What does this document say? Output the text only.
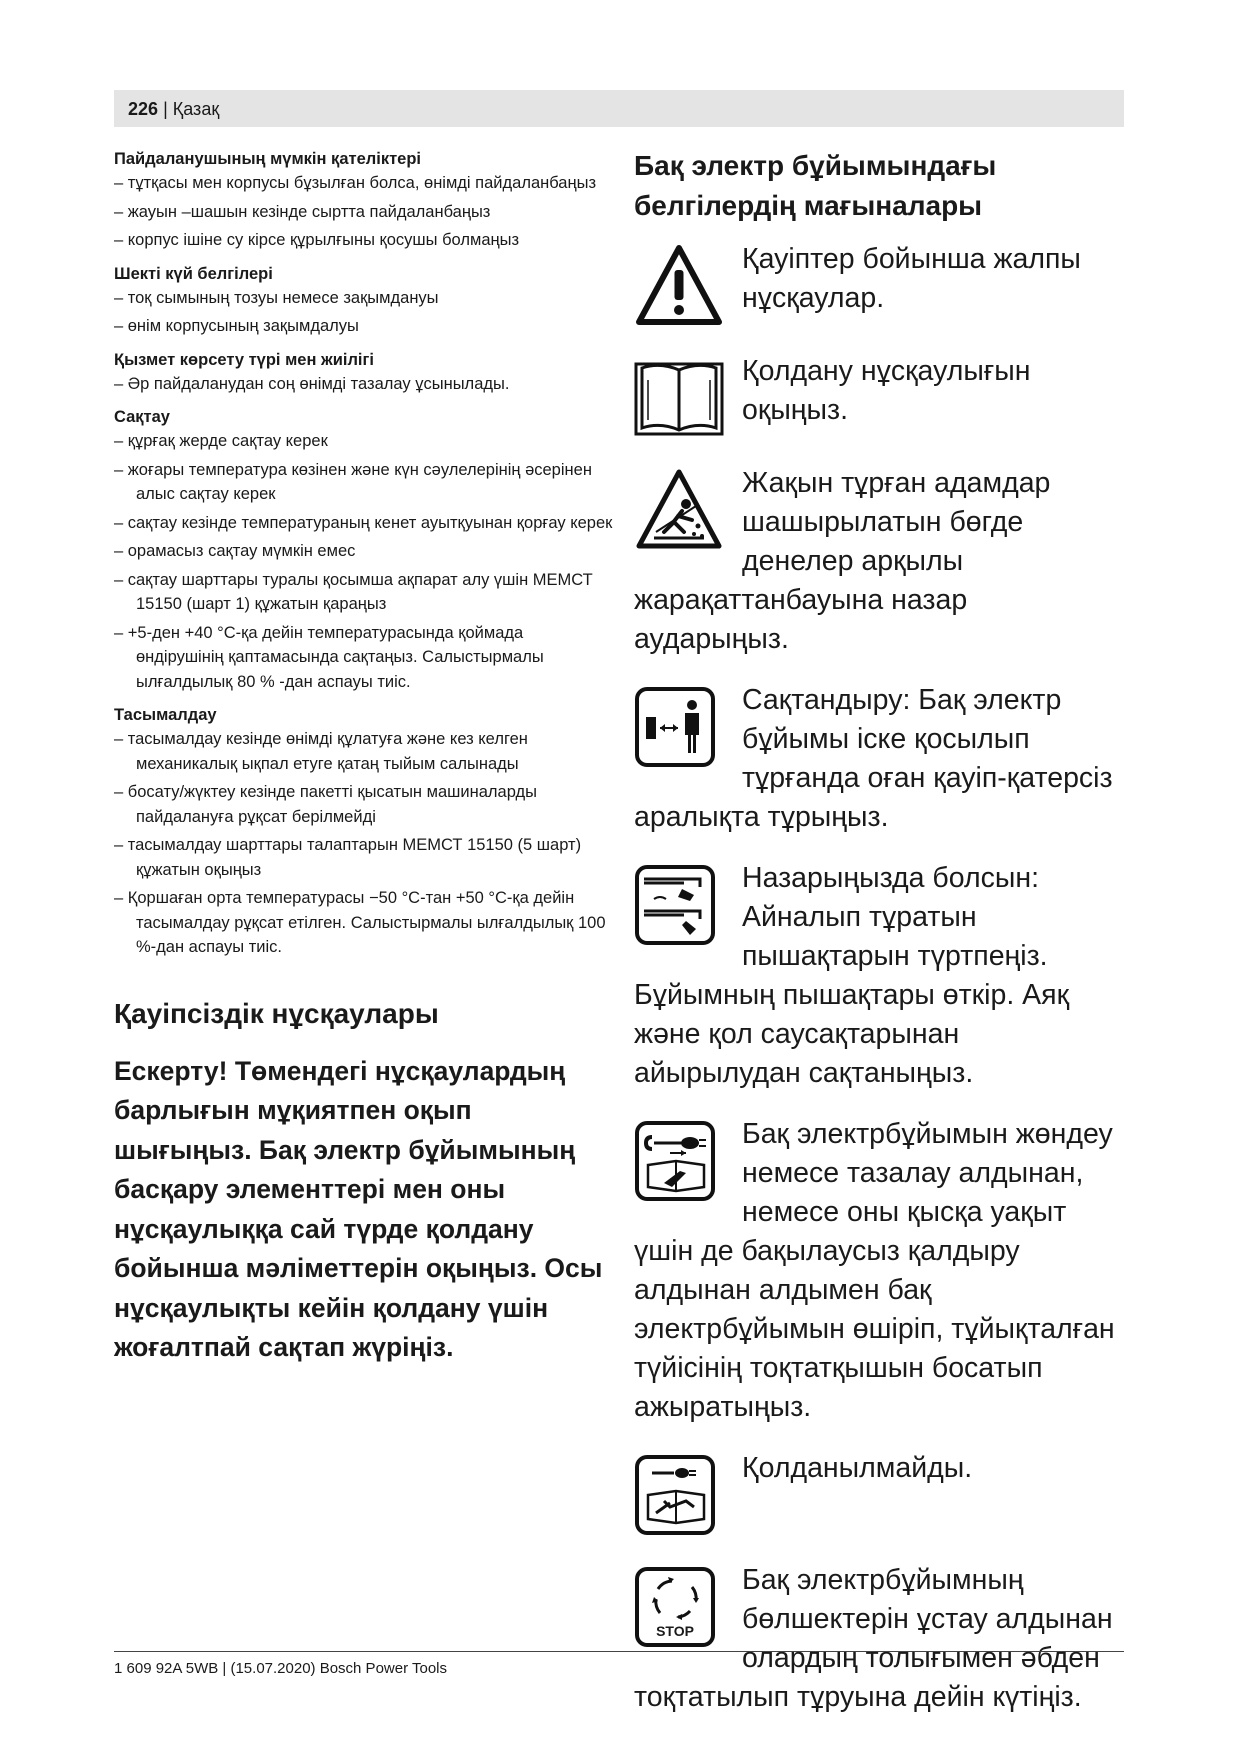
226 | Қазақ
Пайдаланушының мүмкін қателіктері
– тұтқасы мен корпусы бұзылған болса, өнімді пайдаланбаңыз
– жауын –шашын кезінде сыртта пайдаланбаңыз
– корпус ішіне су кірсе құрылғыны қосушы болмаңыз
Шекті күй белгілері
– тоқ сымының тозуы немесе зақымдануы
– өнім корпусының зақымдалуы
Қызмет көрсету түрі мен жиілігі
– Әр пайдаланудан соң өнімді тазалау ұсынылады.
Сақтау
– құрғақ жерде сақтау керек
– жоғары температура көзінен және күн сәулелерінің әсерінен алыс сақтау керек
– сақтау кезінде температураның кенет ауытқуынан қорғау керек
– орамасыз сақтау мүмкін емес
– сақтау шарттары туралы қосымша ақпарат алу үшін МЕМСТ 15150 (шарт 1) құжатын қараңыз
– +5-ден +40 °C-қа дейін температурасында қоймада өндірушінің қаптамасында сақтаңыз. Салыстырмалы ылғалдылық 80 % -дан аспауы тиіс.
Тасымалдау
– тасымалдау кезінде өнімді құлатуға және кез келген механикалық ықпал етуге қатаң тыйым салынады
– босату/жүктеу кезінде пакетті қысатын машиналарды пайдалануға рұқсат берілмейді
– тасымалдау шарттары талаптарын МЕМСТ 15150 (5 шарт) құжатын оқыңыз
– Қоршаған орта температурасы −50 °C-тан +50 °C-қа дейін тасымалдау рұқсат етілген. Салыстырмалы ылғалдылық 100 %-дан аспауы тиіс.
Қауіпсіздік нұсқаулары
Ескерту! Төмендегі нұсқаулардың барлығын мұқиятпен оқып шығыңыз. Бақ электр бұйымының басқару элементтері мен оны нұсқаулыққа сай түрде қолдану бойынша мәліметтерін оқыңыз. Осы нұсқаулықты кейін қолдану үшін жоғалтпай сақтап жүріңіз.
Бақ электр бұйымындағы белгілердің мағыналары
Қауіптер бойынша жалпы нұсқаулар.
Қолдану нұсқаулығын оқыңыз.
Жақын тұрған адамдар шашырылатын бөгде денелер арқылы жарақаттанбауына назар аударыңыз.
Сақтандыру: Бақ электр бұйымы іске қосылып тұрғанда оған қауіп-қатерсіз аралықта тұрыңыз.
Назарыңызда болсын: Айналып тұратын пышақтарын түртпеңіз. Бұйымның пышақтары өткір. Аяқ және қол саусақтарынан айырылудан сақтаныңыз.
Бақ электрбұйымын жөндеу немесе тазалау алдынан, немесе оны қысқа уақыт үшін де бақылаусыз қалдыру алдынан алдымен бақ электрбұйымын өшіріп, тұйықталған түйісінің тоқтатқышын босатып ажыратыңыз.
Қолданылмайды.
STOP
Бақ электрбұйымның бөлшектерін ұстау алдынан олардың толығымен әбден тоқтатылып тұруына дейін күтіңіз.
1 609 92A 5WB | (15.07.2020) Bosch Power Tools
